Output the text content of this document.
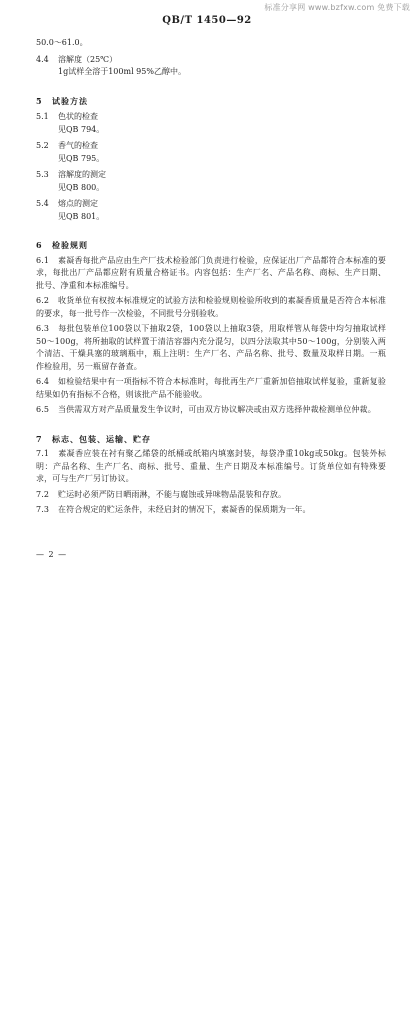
标准分享网 www.bzfxw.com 免费下载
QB/T 1450—92
50.0～61.0。
4.4 溶解度（25℃）
1g试样全溶于100ml 95%乙醇中。
5 试验方法
5.1 色状的检查
见QB 794。
5.2 香气的检查
见QB 795。
5.3 溶解度的测定
见QB 800。
5.4 熔点的测定
见QB 801。
6 检验规则
6.1 素凝香每批产品应由生产厂技术检验部门负责进行检验，应保证出厂产品都符合本标准的要求，每批出厂产品都应附有质量合格证书。内容包括：生产厂名、产品名称、商标、生产日期、批号、净重和本标准编号。
6.2 收货单位有权按本标准规定的试验方法和检验规则检验所收到的素凝香质量是否符合本标准的要求，每一批号作一次检验，不同批号分别验收。
6.3 每批包装单位100袋以下抽取2袋，100袋以上抽取3袋，用取样管从每袋中均匀抽取试样50～100g，将所抽取的试样置于清洁容器内充分混匀，以四分法取其中50～100g，分别装入两个清洁、干燥具塞的玻璃瓶中，瓶上注明：生产厂名、产品名称、批号、数量及取样日期。一瓶作检验用，另一瓶留存备查。
6.4 如检验结果中有一项指标不符合本标准时，每批再生产厂重新加倍抽取试样复验，重新复验结果如仍有指标不合格，则该批产品不能验收。
6.5 当供需双方对产品质量发生争议时，可由双方协议解决或由双方选择仲裁检测单位仲裁。
7 标志、包装、运输、贮存
7.1 素凝香应装在衬有聚乙烯袋的纸桶或纸箱内填塞封装，每袋净重10kg或50kg。包装外标明：产品名称、生产厂名、商标、批号、重量、生产日期及本标准编号。订货单位如有特殊要求，可与生产厂另订协议。
7.2 贮运时必须严防日晒雨淋，不能与腐蚀或异味物品混装和存放。
7.3 在符合规定的贮运条件，未经启封的情况下，素凝香的保质期为一年。
— 2 —
